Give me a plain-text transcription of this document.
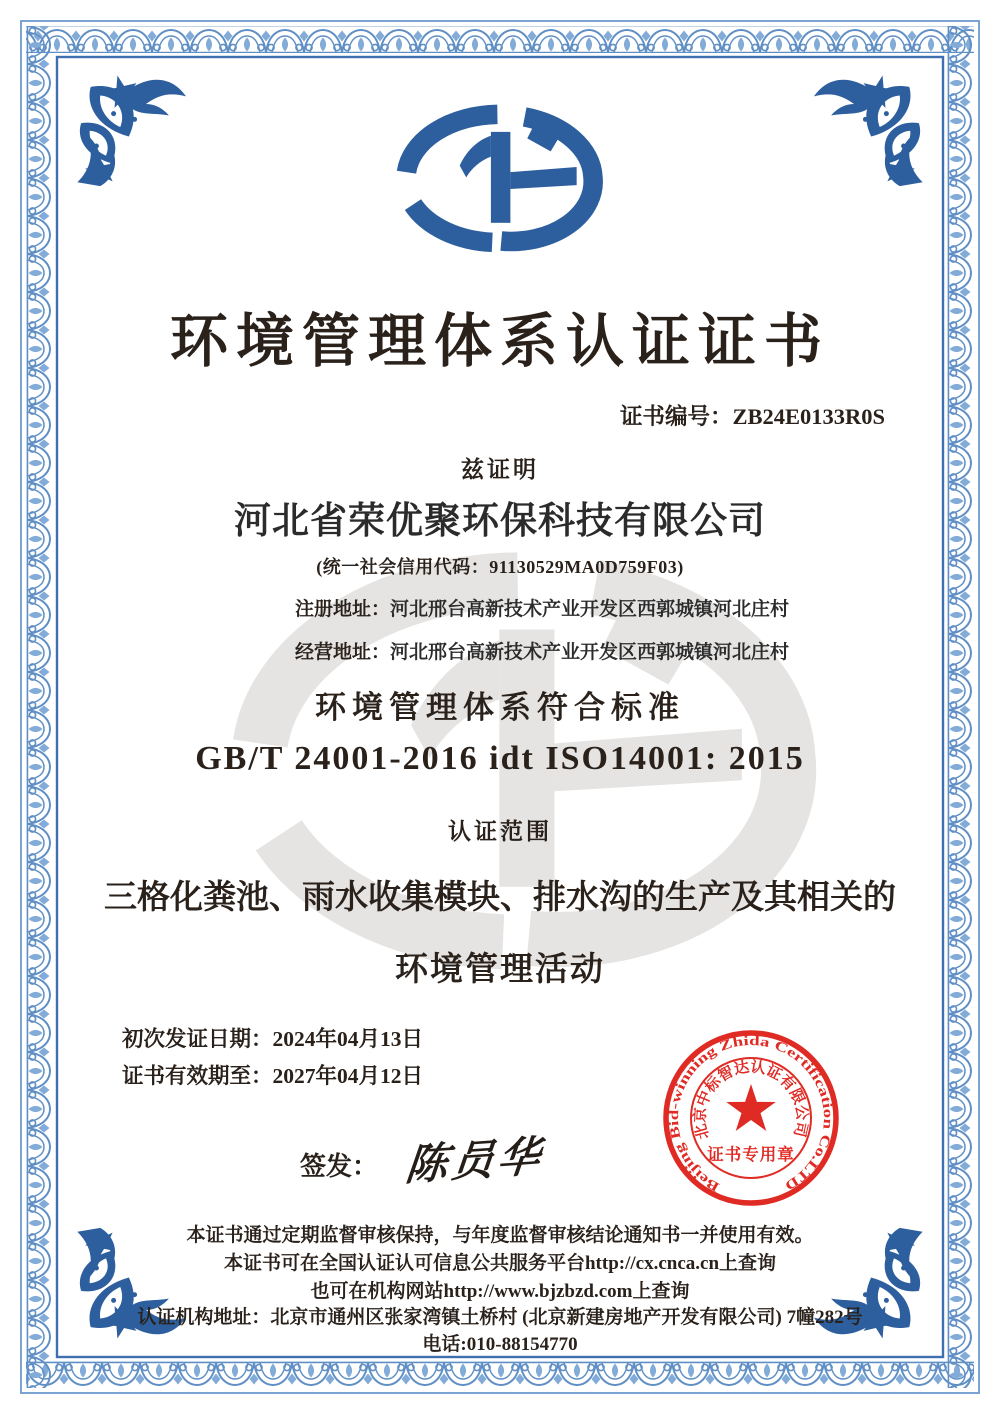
环境管理体系认证证书
证书编号：ZB24E0133R0S
兹证明
河北省荣优聚环保科技有限公司
(统一社会信用代码：91130529MA0D759F03)
注册地址：河北邢台高新技术产业开发区西郭城镇河北庄村
经营地址：河北邢台高新技术产业开发区西郭城镇河北庄村
环境管理体系符合标准
GB/T 24001-2016 idt ISO14001: 2015
认证范围
三格化粪池、雨水收集模块、排水沟的生产及其相关的
环境管理活动
初次发证日期：2024年04月13日
证书有效期至：2027年04月12日
签发： 陈员华	Beijing Bid-winning Zhida Certification Co.LTD
北京中标智达认证有限公司
证书专用章
本证书通过定期监督审核保持，与年度监督审核结论通知书一并使用有效。
本证书可在全国认证认可信息公共服务平台http://cx.cnca.cn上查询
也可在机构网站http://www.bjzbzd.com上查询
认证机构地址：北京市通州区张家湾镇土桥村 (北京新建房地产开发有限公司) 7幢282号
电话:010-88154770
